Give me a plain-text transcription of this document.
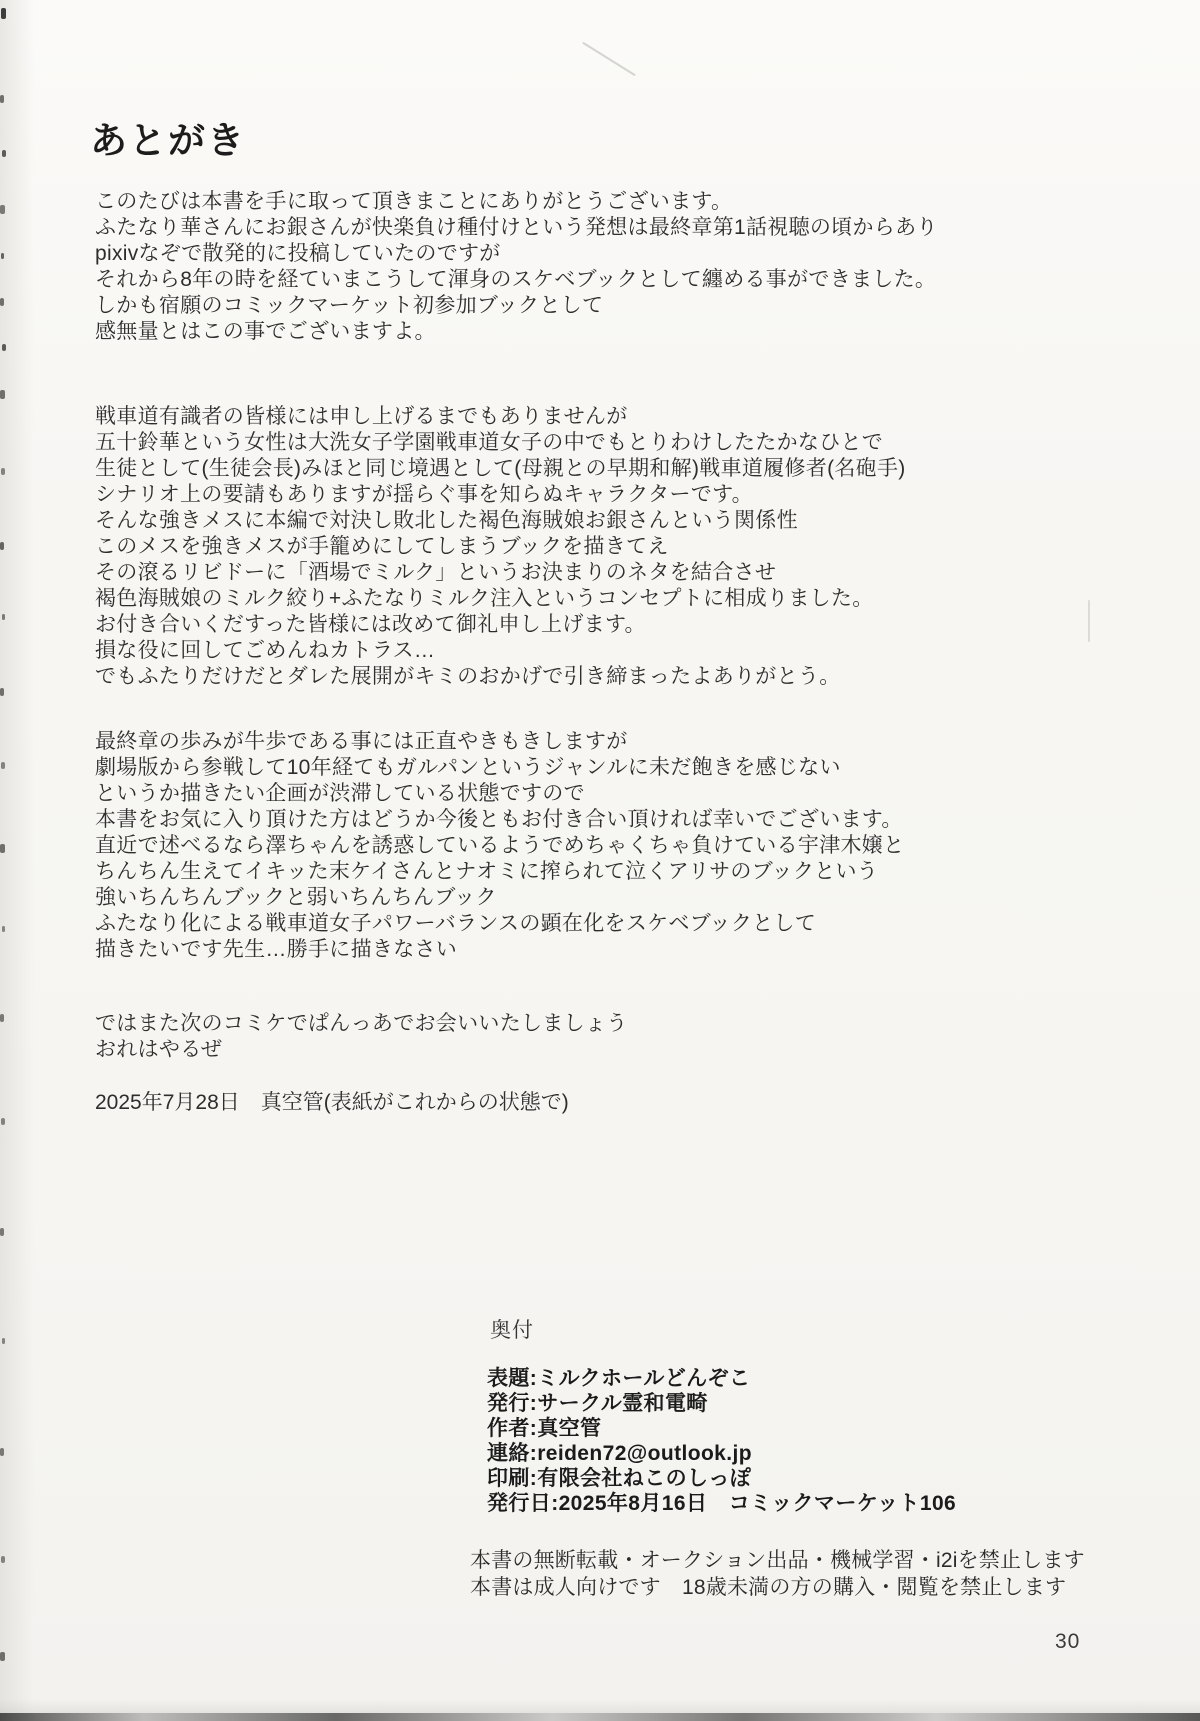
あとがき
このたびは本書を手に取って頂きまことにありがとうございます。
ふたなり華さんにお銀さんが快楽負け種付けという発想は最終章第1話視聴の頃からあり
pixivなぞで散発的に投稿していたのですが
それから8年の時を経ていまこうして渾身のスケベブックとして纏める事ができました。
しかも宿願のコミックマーケット初参加ブックとして
感無量とはこの事でございますよ。
戦車道有識者の皆様には申し上げるまでもありませんが
五十鈴華という女性は大洗女子学園戦車道女子の中でもとりわけしたたかなひとで
生徒として(生徒会長)みほと同じ境遇として(母親との早期和解)戦車道履修者(名砲手)
シナリオ上の要請もありますが揺らぐ事を知らぬキャラクターです。
そんな強きメスに本編で対決し敗北した褐色海賊娘お銀さんという関係性
このメスを強きメスが手籠めにしてしまうブックを描きてえ
その滾るリビドーに「酒場でミルク」というお決まりのネタを結合させ
褐色海賊娘のミルク絞り+ふたなりミルク注入というコンセプトに相成りました。
お付き合いくだすった皆様には改めて御礼申し上げます。
損な役に回してごめんねカトラス…
でもふたりだけだとダレた展開がキミのおかげで引き締まったよありがとう。
最終章の歩みが牛歩である事には正直やきもきしますが
劇場版から参戦して10年経てもガルパンというジャンルに未だ飽きを感じない
というか描きたい企画が渋滞している状態ですので
本書をお気に入り頂けた方はどうか今後ともお付き合い頂ければ幸いでございます。
直近で述べるなら澤ちゃんを誘惑しているようでめちゃくちゃ負けている宇津木嬢と
ちんちん生えてイキッた末ケイさんとナオミに搾られて泣くアリサのブックという
強いちんちんブックと弱いちんちんブック
ふたなり化による戦車道女子パワーバランスの顕在化をスケベブックとして
描きたいです先生…勝手に描きなさい
ではまた次のコミケでぱんっあでお会いいたしましょう
おれはやるぜ
2025年7月28日　真空管(表紙がこれからの状態で)
奥付
表題:ミルクホールどんぞこ
発行:サークル霊和電畸
作者:真空管
連絡:reiden72@outlook.jp
印刷:有限会社ねこのしっぽ
発行日:2025年8月16日　コミックマーケット106
本書の無断転載・オークション出品・機械学習・i2iを禁止します
本書は成人向けです　18歳未満の方の購入・閲覧を禁止します
30
